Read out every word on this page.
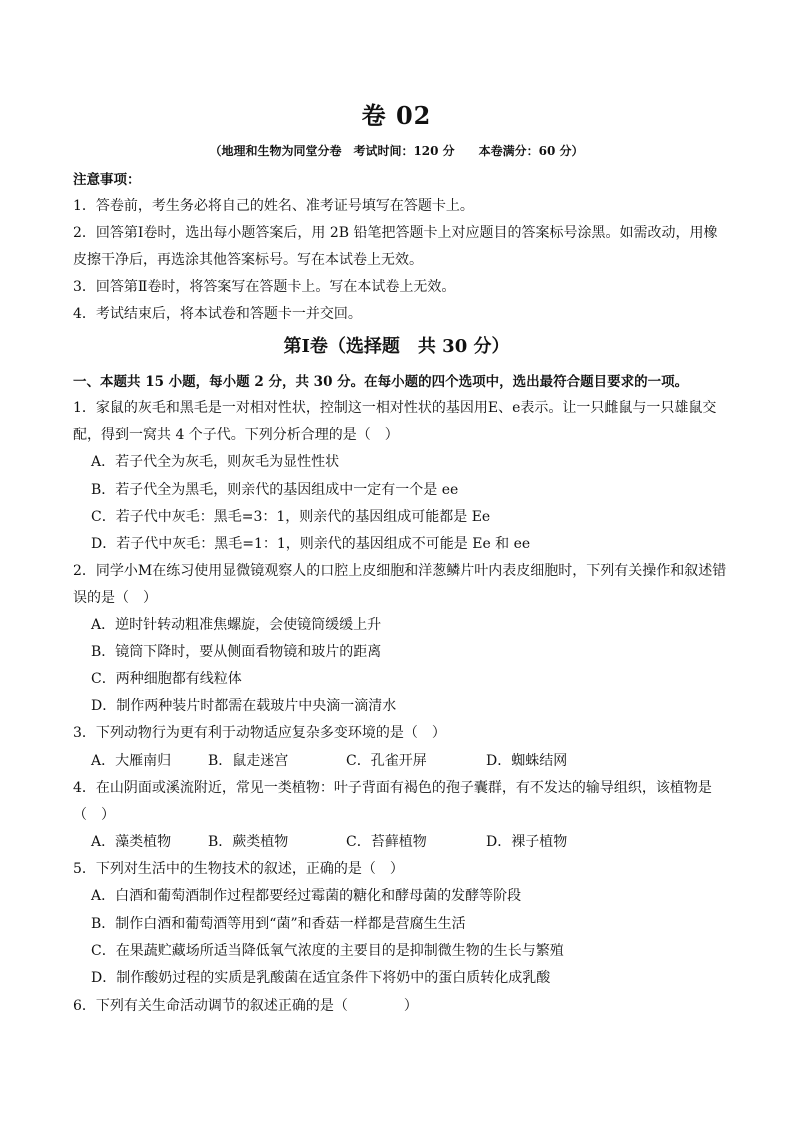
卷 02
（地理和生物为同堂分卷　考试时间：120 分　　本卷满分：60 分）
注意事项：
1．答卷前，考生务必将自己的姓名、准考证号填写在答题卡上。
2．回答第Ⅰ卷时，选出每小题答案后，用 2B 铅笔把答题卡上对应题目的答案标号涂黑。如需改动，用橡
皮擦干净后，再选涂其他答案标号。写在本试卷上无效。
3．回答第Ⅱ卷时，将答案写在答题卡上。写在本试卷上无效。
4．考试结束后，将本试卷和答题卡一并交回。
第Ⅰ卷（选择题　共 30 分）
一、本题共 15 小题，每小题 2 分，共 30 分。在每小题的四个选项中，选出最符合题目要求的一项。
1．家鼠的灰毛和黑毛是一对相对性状，控制这一相对性状的基因用E、e表示。让一只雌鼠与一只雄鼠交
配，得到一窝共 4 个子代。下列分析合理的是（　）
A．若子代全为灰毛，则灰毛为显性性状
B．若子代全为黑毛，则亲代的基因组成中一定有一个是 ee
C．若子代中灰毛：黑毛=3：1，则亲代的基因组成可能都是 Ee
D．若子代中灰毛：黑毛=1：1，则亲代的基因组成不可能是 Ee 和 ee
2．同学小M在练习使用显微镜观察人的口腔上皮细胞和洋葱鳞片叶内表皮细胞时，下列有关操作和叙述错
误的是（　）
A．逆时针转动粗准焦螺旋，会使镜筒缓缓上升
B．镜筒下降时，要从侧面看物镜和玻片的距离
C．两种细胞都有线粒体
D．制作两种装片时都需在载玻片中央滴一滴清水
3．下列动物行为更有利于动物适应复杂多变环境的是（　）
A．大雁南归	B．鼠走迷宫	C．孔雀开屏	D．蜘蛛结网
4．在山阴面或溪流附近，常见一类植物：叶子背面有褐色的孢子囊群，有不发达的输导组织，该植物是
（　）
A．藻类植物	B．蕨类植物	C．苔藓植物	D．裸子植物
5．下列对生活中的生物技术的叙述，正确的是（　）
A．白酒和葡萄酒制作过程都要经过霉菌的糖化和酵母菌的发酵等阶段
B．制作白酒和葡萄酒等用到“菌”和香菇一样都是营腐生生活
C．在果蔬贮藏场所适当降低氧气浓度的主要目的是抑制微生物的生长与繁殖
D．制作酸奶过程的实质是乳酸菌在适宜条件下将奶中的蛋白质转化成乳酸
6．下列有关生命活动调节的叙述正确的是（　　　　）
